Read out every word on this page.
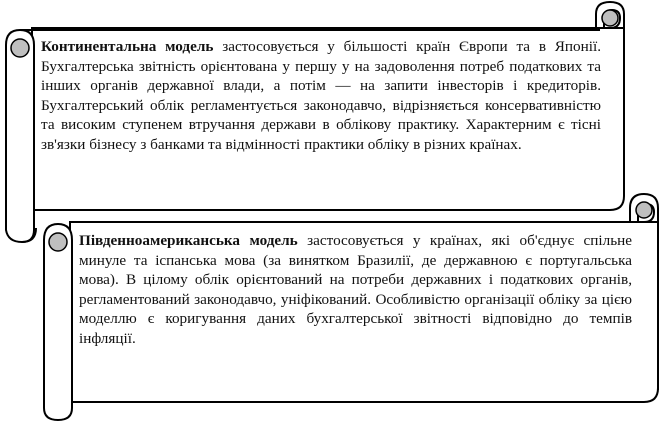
Континентальна модель застосовується у більшості країн Європи та в Японії. Бухгалтерська звітність орієнтована у першу у на задоволення потреб податкових та інших органів державної влади, а потім — на запити інвесторів і кредиторів. Бухгалтерський облік регламентується законодавчо, відрізняється консервативністю та високим ступенем втручання держави в облікову практику. Характерним є тісні зв'язки бізнесу з банками та відмінності практики обліку в різних країнах.

Південноамериканська модель застосовується у країнах, які об'єднує спільне минуле та іспанська мова (за винятком Бразилії, де державною є португальська мова). В цілому облік орієнтований на потреби державних і податкових органів, регламентований законодавчо, уніфікований. Особливістю організації обліку за цією моделлю є коригування даних бухгалтерської звітності відповідно до темпів інфляції.
